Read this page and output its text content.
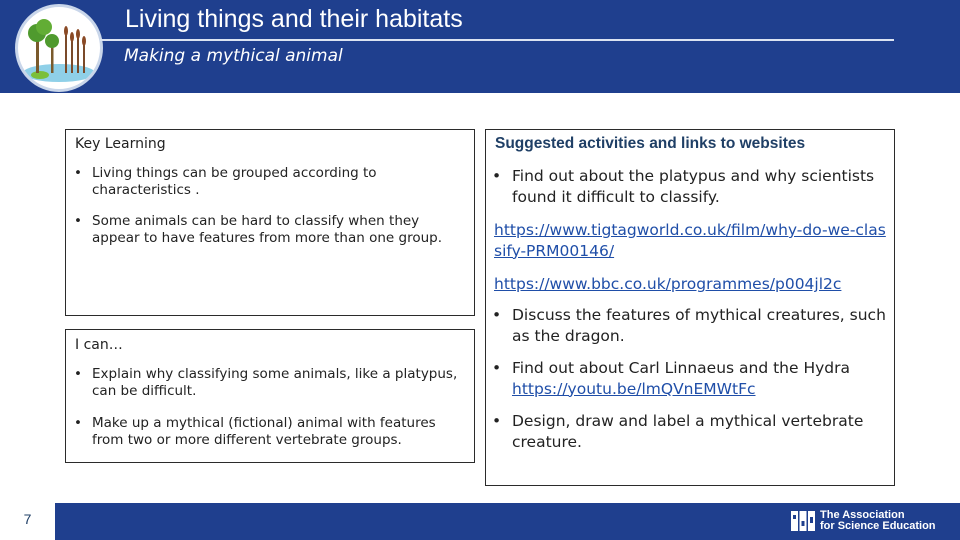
Living things and their habitats
Making a mythical animal
Key Learning
• Living things can be grouped according to characteristics .
• Some animals can be hard to classify when they appear to have features from more than one group.
I can…
• Explain why classifying some animals, like a platypus, can be difficult.
• Make up a mythical (fictional) animal with features from two or more different vertebrate groups.
Suggested activities and links to websites
• Find out about the platypus and why scientists found it difficult to classify.
https://www.tigtagworld.co.uk/film/why-do-we-classify-PRM00146/
https://www.bbc.co.uk/programmes/p004jl2c
• Discuss the features of mythical creatures, such as the dragon.
• Find out about Carl Linnaeus and the Hydra
https://youtu.be/lmQVnEMWtFc
• Design, draw and label a mythical vertebrate creature.
7	The Association
for Science Education
